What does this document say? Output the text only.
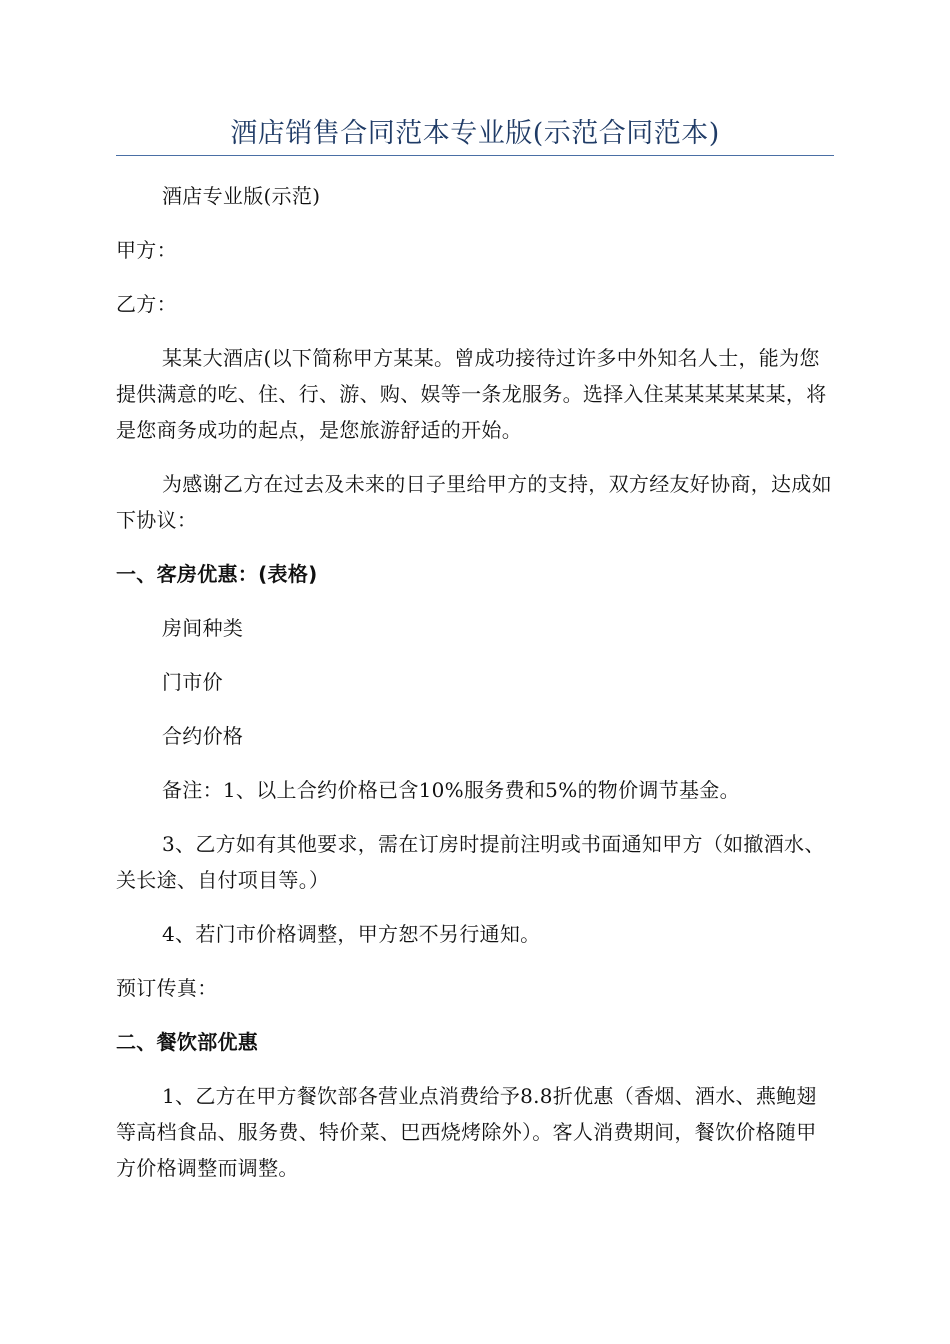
酒店销售合同范本专业版(示范合同范本)

酒店专业版(示范)

甲方：

乙方：

某某大酒店(以下简称甲方某某。曾成功接待过许多中外知名人士，能为您提供满意的吃、住、行、游、购、娱等一条龙服务。选择入住某某某某某某，将是您商务成功的起点，是您旅游舒适的开始。

为感谢乙方在过去及未来的日子里给甲方的支持，双方经友好协商，达成如下协议：

一、客房优惠：(表格)

房间种类

门市价

合约价格

备注：1、以上合约价格已含10%服务费和5%的物价调节基金。

3、乙方如有其他要求，需在订房时提前注明或书面通知甲方（如撤酒水、关长途、自付项目等。）

4、若门市价格调整，甲方恕不另行通知。

预订传真：

二、餐饮部优惠

1、乙方在甲方餐饮部各营业点消费给予8.8折优惠（香烟、酒水、燕鲍翅等高档食品、服务费、特价菜、巴西烧烤除外）。客人消费期间，餐饮价格随甲方价格调整而调整。
